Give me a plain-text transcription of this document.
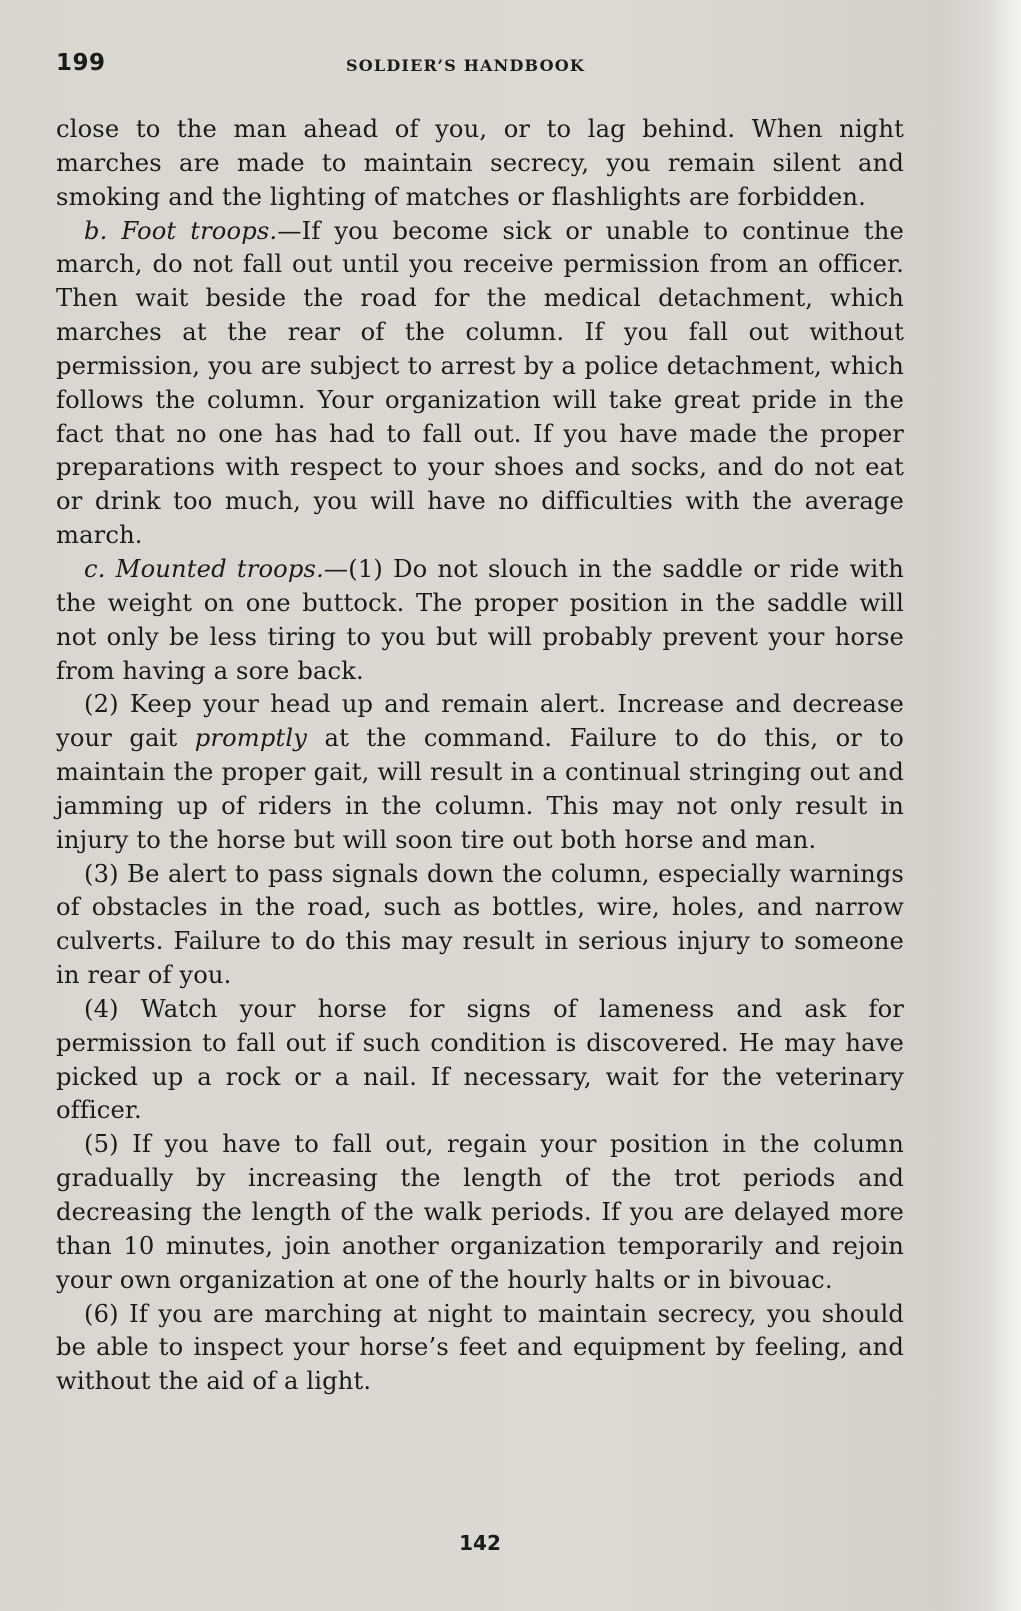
199	SOLDIER’S HANDBOOK

close to the man ahead of you, or to lag behind. When night marches are made to maintain secrecy, you remain silent and smoking and the lighting of matches or flashlights are forbidden.

b. Foot troops.—If you become sick or unable to continue the march, do not fall out until you receive permission from an officer. Then wait beside the road for the medical detachment, which marches at the rear of the column. If you fall out without permission, you are subject to arrest by a police detachment, which follows the column. Your organization will take great pride in the fact that no one has had to fall out. If you have made the proper preparations with respect to your shoes and socks, and do not eat or drink too much, you will have no difficulties with the average march.

c. Mounted troops.—(1) Do not slouch in the saddle or ride with the weight on one buttock. The proper position in the saddle will not only be less tiring to you but will probably prevent your horse from having a sore back.

(2) Keep your head up and remain alert. Increase and decrease your gait promptly at the command. Failure to do this, or to maintain the proper gait, will result in a continual stringing out and jamming up of riders in the column. This may not only result in injury to the horse but will soon tire out both horse and man.

(3) Be alert to pass signals down the column, especially warnings of obstacles in the road, such as bottles, wire, holes, and narrow culverts. Failure to do this may result in serious injury to someone in rear of you.

(4) Watch your horse for signs of lameness and ask for permission to fall out if such condition is discovered. He may have picked up a rock or a nail. If necessary, wait for the veterinary officer.

(5) If you have to fall out, regain your position in the column gradually by increasing the length of the trot periods and decreasing the length of the walk periods. If you are delayed more than 10 minutes, join another organization temporarily and rejoin your own organization at one of the hourly halts or in bivouac.

(6) If you are marching at night to maintain secrecy, you should be able to inspect your horse’s feet and equipment by feeling, and without the aid of a light.

142
